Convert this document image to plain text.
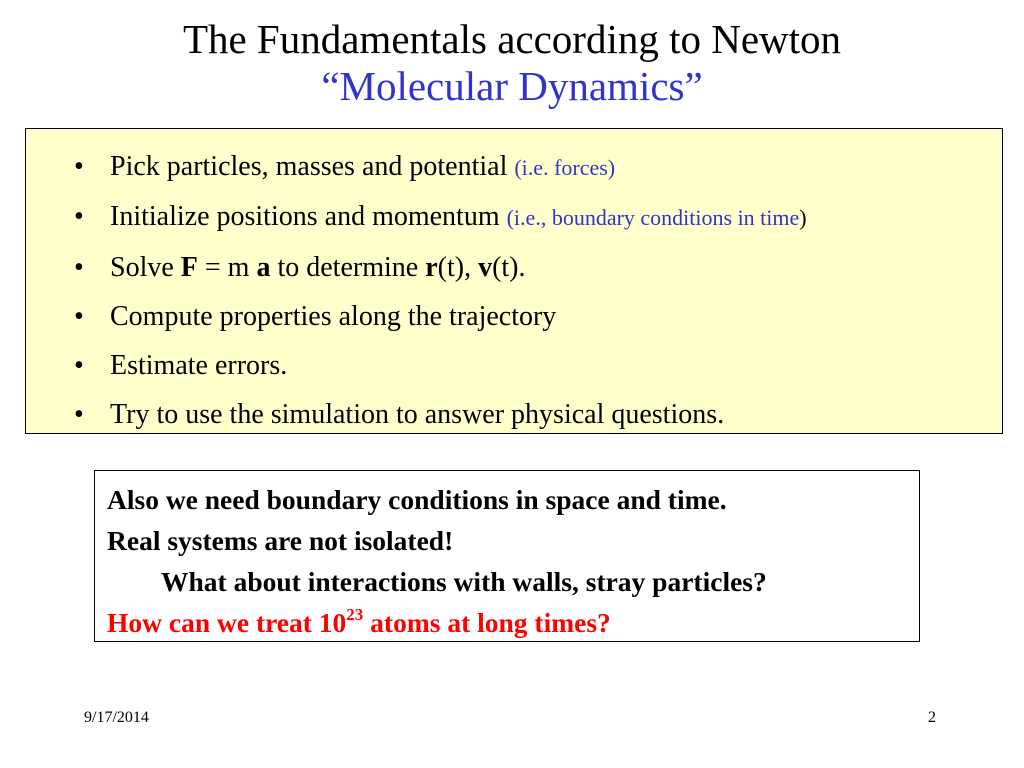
The Fundamentals according to Newton
“Molecular Dynamics”
• Pick particles, masses and potential (i.e. forces)
• Initialize positions and momentum (i.e., boundary conditions in time)
• Solve F = m a to determine r(t), v(t).
• Compute properties along the trajectory
• Estimate errors.
• Try to use the simulation to answer physical questions.
Also we need boundary conditions in space and time.
Real systems are not isolated!
What about interactions with walls, stray particles?
How can we treat $10^{23}$ atoms at long times?
9/17/2014	2
